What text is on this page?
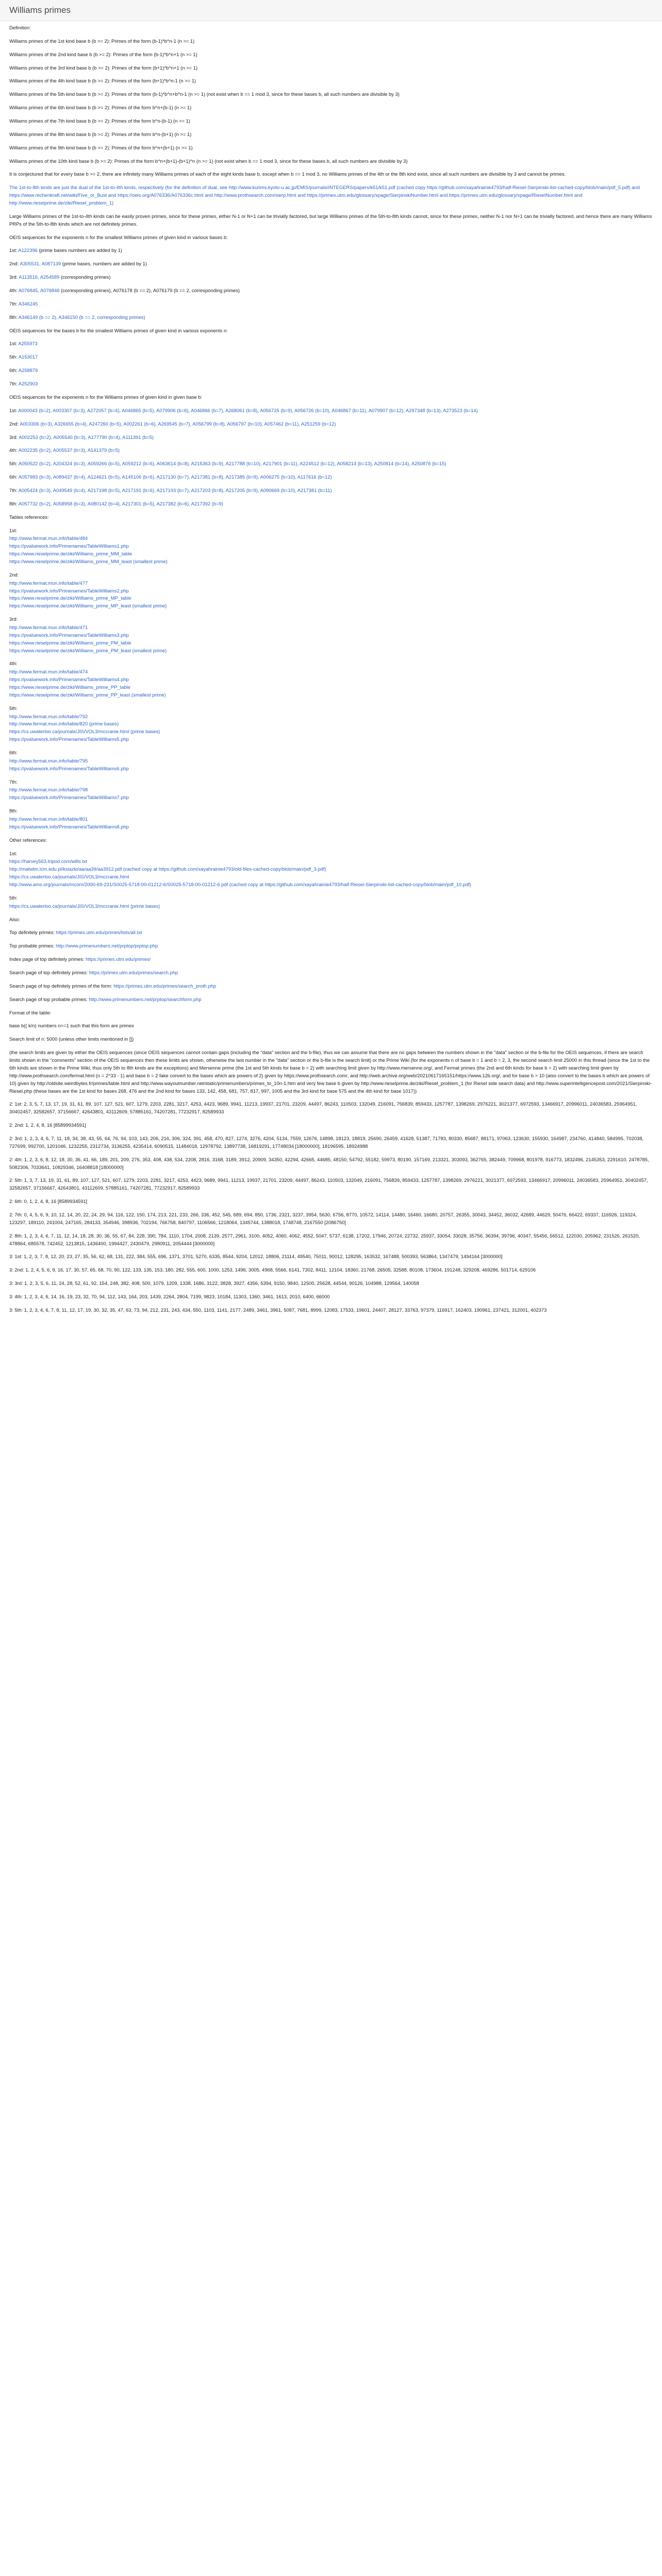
Williams primes

Definition:

Williams primes of the 1st kind base b (b >= 2): Primes of the form (b-1)*b^n-1 (n >= 1)

Williams primes of the 2nd kind base b (b >= 2): Primes of the form (b-1)*b^n+1 (n >= 1)

Williams primes of the 3rd kind base b (b >= 2): Primes of the form (b+1)*b^n+1 (n >= 1)

Williams primes of the 4th kind base b (b >= 2): Primes of the form (b+1)*b^n-1 (n >= 1)

Williams primes of the 5th kind base b (b >= 2): Primes of the form (b-1)*b^n+b^n-1 (n >= 1) (not exist when b == 1 mod 3, since for these bases b, all such numbers are divisible by 3)

Williams primes of the 6th kind base b (b >= 2): Primes of the form b^n+(b-1) (n >= 1)

Williams primes of the 7th kind base b (b >= 2): Primes of the form b^n-(b-1) (n >= 1)

Williams primes of the 8th kind base b (b >= 2): Primes of the form b^n-(b+1) (n >= 1)

Williams primes of the 9th kind base b (b >= 2): Primes of the form b^n+(b+1) (n >= 1)

Williams primes of the 10th kind base b (b >= 2): Primes of the form b^n+(b+1)-(b+1)^n (n >= 1) (not exist when b == 1 mod 3, since for these bases b, all such numbers are divisible by 3)

It is conjectured that for every base b >= 2, there are infinitely many Williams primes of each of the eight kinds base b, except when b == 1 mod 3, no Williams primes of the 4th or the 8th kind exist, since all such numbers are divisible by 3 and cannot be primes.

The 1st-to-8th kinds are just the dual of the 1st-to-4th kinds, respectively (for the definition of dual, see http://www.kurims.kyoto-u.ac.jp/EMIS/journals/INTEGERS/papers/k51/k51.pdf (cached copy https://github.com/xayahrainie4793/half-Riesel-Sierpinski-list-cached-copy/blob/main/pdf_5.pdf) and https://www.rechenkraft.net/wiki/Five_or_Bust and https://oeis.org/A076336/A076336c.html and http://www.prothsearch.com/sierp.html and https://primes.utm.edu/glossary/xpage/SierpinskiNumber.html and https://primes.utm.edu/glossary/xpage/RieselNumber.html and http://www.rieselprime.de/ziki/Riesel_problem_1)

Large Williams primes of the 1st-to-4th kinds can be easily proven primes, since for these primes, either N-1 or N+1 can be trivially factored, but large Williams primes of the 5th-to-8th kinds cannot, since for these primes, neither N-1 nor N+1 can be trivially factored, and hence there are many Williams PRPs of the 5th-to-8th kinds which are not definitely primes.

OEIS sequences for the exponents n for the smallest Williams primes of given kind in various bases b:

1st: A122396 (prime bases numbers are added by 1)

2nd: A305531, A087139 (prime bases, numbers are added by 1)

3rd: A113516, A254589 (corresponding primes)

4th: A076845, A076846 (corresponding primes), A076178 (b == 2), A076179 (b == 2, corresponding primes)

7th: A346245

8th: A346149 (b == 2), A346150 (b == 2, corresponding primes)

OEIS sequences for the bases b for the smallest Williams primes of given kind in various exponents n:

1st: A255973

5th: A153017

6th: A258879

7th: A252903

OEIS sequences for the exponents n for the Williams primes of given kind in given base b:

1st: A000043 (b=2), A003307 (b=3), A272057 (b=4), A046865 (b=5), A079906 (b=6), A046866 (b=7), A268061 (b=8), A056725 (b=9), A056726 (b=10), A046867 (b=11), A079907 (b=12), A297348 (b=13), A273523 (b=14)

2nd: A003306 (b=3), A326655 (b=4), A247260 (b=5), A002261 (b=6), A269545 (b=7), A056799 (b=8), A056797 (b=10), A057462 (b=11), A251259 (b=12)

3rd: A002253 (b=2), A005540 (b=3), A177790 (b=4), A111391 (b=5)

4th: A002235 (b=2), A005537 (b=3), A141379 (b=5)

5th: A050522 (b=2), A204324 (b=3), A059266 (b=5), A059212 (b=6), A063614 (b=8), A215363 (b=9), A217788 (b=10), A217901 (b=11), A224512 (b=12), A058214 (b=13), A250814 (b=14), A250876 (b=15)

6th: A057983 (b=3), A089437 (b=4), A124621 (b=5), A145106 (b=6), A217130 (b=7), A217381 (b=8), A217385 (b=9), A006275 (b=10), A117616 (b=12)

7th: A005424 (b=3), A049549 (b=4), A217198 (b=5), A217191 (b=6), A217193 (b=7), A217203 (b=8), A217205 (b=9), A090669 (b=10), A217381 (b=11)

8th: A057732 (b=2), A058958 (b=3), A080142 (b=4), A217301 (b=5), A217382 (b=6), A217392 (b=9)

Tables references:

1st:

http://www.fermat.mun.info/table/484

https://pvaluework.info/Primenames/TableWilliams1.php

https://www.rieselprime.de/ziki/Williams_prime_MM_table

https://www.rieselprime.de/ziki/Williams_prime_MM_least (smallest prime)

2nd:

http://www.fermat.mun.info/table/477

https://pvaluework.info/Primenames/TableWilliams2.php

https://www.rieselprime.de/ziki/Williams_prime_MP_table

https://www.rieselprime.de/ziki/Williams_prime_MP_least (smallest prime)

3rd:

http://www.fermat.mun.info/table/471

https://pvaluework.info/Primenames/TableWilliams3.php

https://www.rieselprime.de/ziki/Williams_prime_PM_table

https://www.rieselprime.de/ziki/Williams_prime_PM_least (smallest prime)

4th:

http://www.fermat.mun.info/table/474

https://pvaluework.info/Primenames/TableWilliams4.php

https://www.rieselprime.de/ziki/Williams_prime_PP_table

https://www.rieselprime.de/ziki/Williams_prime_PP_least (smallest prime)

5th:

http://www.fermat.mun.info/table/792

http://www.fermat.mun.info/table/820 (prime bases)

https://cs.uwaterloo.ca/journals/JIS/VOL3/mccranie.html (prime bases)

https://pvaluework.info/Primenames/TableWilliams5.php

6th:

http://www.fermat.mun.info/table/795

https://pvaluework.info/Primenames/TableWilliams6.php

7th:

http://www.fermat.mun.info/table/798

https://pvaluework.info/Primenames/TableWilliams7.php

8th:

http://www.fermat.mun.info/table/801

https://pvaluework.info/Primenames/TableWilliams8.php

Other references:

1st:

https://harvey563.tripod.com/wills.txt

http://matwbn.icm.edu.pl/ksiazki/aa/aa39/aa3912.pdf (cached copy at https://github.com/xayahrainie4793/old-files-cached-copy/blob/main/pdf_3.pdf)

https://cs.uwaterloo.ca/journals/JIS/VOL3/mccranie.html

http://www.ams.org/journals/mcom/2000-69-231/S0025-5718-00-01212-6/S0025-5718-00-01212-6.pdf (cached copy at https://github.com/xayahrainie4793/half-Riesel-Sierpinski-list-cached-copy/blob/main/pdf_10.pdf)

5th:

https://cs.uwaterloo.ca/journals/JIS/VOL3/mccranie.html (prime bases)

Also:

Top definitely primes: https://primes.utm.edu/primes/lists/all.txt

Top probable primes: http://www.primenumbers.net/prptop/prptop.php

Index page of top definitely primes: https://primes.utm.edu/primes/

Search page of top definitely primes: https://primes.utm.edu/primes/search.php

Search page of top definitely primes of the form: https://primes.utm.edu/primes/search_proth.php

Search page of top probable primes: http://www.primenumbers.net/prptop/searchform.php

Format of the table:

base b(( k/n) numbers n>=1 such that this form are primes

Search limit of n: 5000 (unless other limits mentioned in [])

(the search limits are given by either the OEIS sequences (since OEIS sequences cannot contain gaps (including the "data" section and the b-file), thus we can assume that there are no gaps between the numbers shown in the "data" section or the b-file for the OEIS sequences, if there are search limits shown in the "comments" section of the OEIS sequences then these limits are shown, otherwise the last number in the "data" section or the b-file is the search limit) or the Prime Wiki (for the exponents n of base b = 1 and b = 2, 3, the second search limit 25000 in this thread (since the 1st to the 6th kinds are shown in the Prime Wiki, thus only 5th to 8th kinds are the exceptions) and Mersenne prime (the 1st and 5th kinds for base b = 2) with searching limit given by http://www.mersenne.org/, and Fermat primes (the 2nd and 6th kinds for base b = 2) with searching limit given by http://www.prothsearch.com/fermat.html (n = 2^33 - 1) and base b = 2 fake convert to the bases which are powers of 2) given by https://www.prothsearch.com/, and http://web.archive.org/web/20210617165151/https://www.12b.org/, and for base b > 10 (also convert to the bases b which are powers of 10) given by http://oldsite.weirdbytes.fr/primes/table.html and http://www.wayoutnumber.net/static/primenumbers/primes_to_10n-1.htm and very few base b given by http://www.rieselprime.de/ziki/Riesel_problem_1 (for Riesel side search data) and http://www.superintelligencepost.com/2021/Sierpinski-Riesel.php (these bases are the 1st kind for bases 268, 476 and the 2nd kind for bases 133, 142, 458, 681, 757, 817, 997, 1005 and the 3rd kind for base 575 and the 4th kind for base 1017))

2: 1st: 2, 3, 5, 7, 13, 17, 19, 31, 61, 89, 107, 127, 521, 607, 1279, 2203, 2281, 3217, 4253, 4423, 9689, 9941, 11213, 19937, 21701, 23209, 44497, 86243, 110503, 132049, 216091, 756839, 859433, 1257787, 1398269, 2976221, 3021377, 6972593, 13466917, 20996011, 24036583, 25964951, 30402457, 32582657, 37156667, 42643801, 43112609, 57885161, 74207281, 77232917, 82589933

2: 2nd: 1, 2, 4, 8, 16 [85899934591]

2: 3rd: 1, 2, 3, 4, 6, 7, 11, 18, 34, 38, 43, 55, 64, 76, 94, 103, 143, 206, 216, 306, 324, 391, 458, 470, 827, 1274, 3276, 4204, 5134, 7559, 12676, 14898, 18123, 18819, 25690, 26459, 41628, 51387, 71783, 80330, 85687, 88171, 97063, 123630, 155930, 164987, 234760, 414840, 584995, 702038, 727699, 992700, 1201046, 1232255, 2312734, 3136255, 4235414, 6090515, 11484018, 12978792, 13897738, 16819291, 17748034 [18000000], 18196595, 18924988

2: 4th: 1, 2, 3, 6, 8, 12, 18, 30, 36, 41, 66, 189, 201, 209, 276, 353, 408, 438, 534, 2208, 2816, 3168, 3189, 3912, 20909, 34350, 42294, 42665, 44685, 48150, 54792, 55182, 59973, 80190, 157169, 213321, 303093, 362765, 382449, 709968, 801978, 916773, 1832496, 2145353, 2291610, 2478785, 5082306, 7033641, 10829346, 16408818 [18000000]

2: 5th: 1, 3, 7, 13, 19, 31, 61, 89, 107, 127, 521, 607, 1279, 2203, 2281, 3217, 4253, 4423, 9689, 9941, 11213, 19937, 21701, 23209, 44497, 86243, 110503, 132049, 216091, 756839, 859433, 1257787, 1398269, 2976221, 3021377, 6972593, 13466917, 20996011, 24036583, 25964951, 30402457, 32582657, 37156667, 42643801, 43112609, 57885161, 74207281, 77232917, 82589933

2: 6th: 0, 1, 2, 4, 8, 16 [8589934591]

2: 7th: 0, 4, 5, 6, 9, 10, 12, 14, 20, 22, 24, 29, 94, 116, 122, 150, 174, 213, 221, 233, 266, 336, 452, 545, 689, 694, 850, 1736, 2321, 3237, 3954, 5630, 6756, 8770, 10572, 14114, 14480, 16460, 16680, 20757, 26355, 30043, 34452, 36032, 42689, 44629, 50476, 66422, 69337, 116926, 119324, 123297, 189110, 241004, 247165, 284133, 354946, 398936, 702194, 766758, 840797, 1106566, 1218064, 1345744, 1388018, 1748748, 2167550 [2086750]

2: 8th: 1, 2, 3, 4, 6, 7, 11, 12, 14, 18, 28, 30, 36, 55, 67, 84, 228, 390, 784, 1110, 1704, 2008, 2139, 2577, 2961, 3100, 4052, 4060, 4062, 4552, 5047, 5737, 6138, 17202, 17946, 20724, 22732, 25937, 33054, 33028, 35756, 36394, 39796, 40347, 55456, 56512, 122030, 205962, 231526, 261520, 478864, 685578, 742452, 1213815, 1436400, 1994427, 2430479, 2980911, 2054444 [3000000]

3: 1st: 1, 2, 3, 7, 8, 12, 20, 23, 27, 35, 56, 62, 68, 131, 222, 384, 555, 696, 1371, 3701, 5270, 6335, 8544, 9204, 12012, 18806, 21114, 49540, 75011, 90012, 128295, 163532, 167488, 500393, 563864, 1347479, 1494164 [3000000]

3: 2nd: 1, 2, 4, 5, 6, 9, 16, 17, 30, 57, 65, 68, 70, 90, 122, 133, 135, 153, 180, 282, 555, 600, 1000, 1253, 1496, 3005, 4968, 5566, 6141, 7302, 8411, 12104, 18360, 21768, 26505, 32588, 80108, 173604, 191248, 329208, 469286, 501714, 629106

3: 3rd: 1, 2, 3, 5, 6, 11, 24, 28, 52, 61, 92, 154, 248, 382, 408, 500, 1079, 1209, 1338, 1686, 3122, 3828, 3927, 4356, 5394, 9150, 9840, 12500, 25628, 44544, 90126, 104988, 129564, 140058

3: 4th: 1, 2, 3, 4, 6, 14, 16, 19, 23, 32, 70, 94, 112, 143, 164, 203, 1439, 2264, 2804, 7199, 9823, 10184, 11303, 1360, 3461, 1613, 2010, 6400, 66000

3: 5th: 1, 2, 3, 4, 6, 7, 8, 11, 12, 17, 19, 30, 32, 35, 47, 63, 73, 94, 212, 231, 243, 434, 550, 1103, 1141, 2177, 2489, 3461, 3961, 5087, 7681, 8999, 12083, 17533, 19601, 24407, 28127, 33763, 97379, 116917, 162403, 190961, 237421, 312001, 402373
